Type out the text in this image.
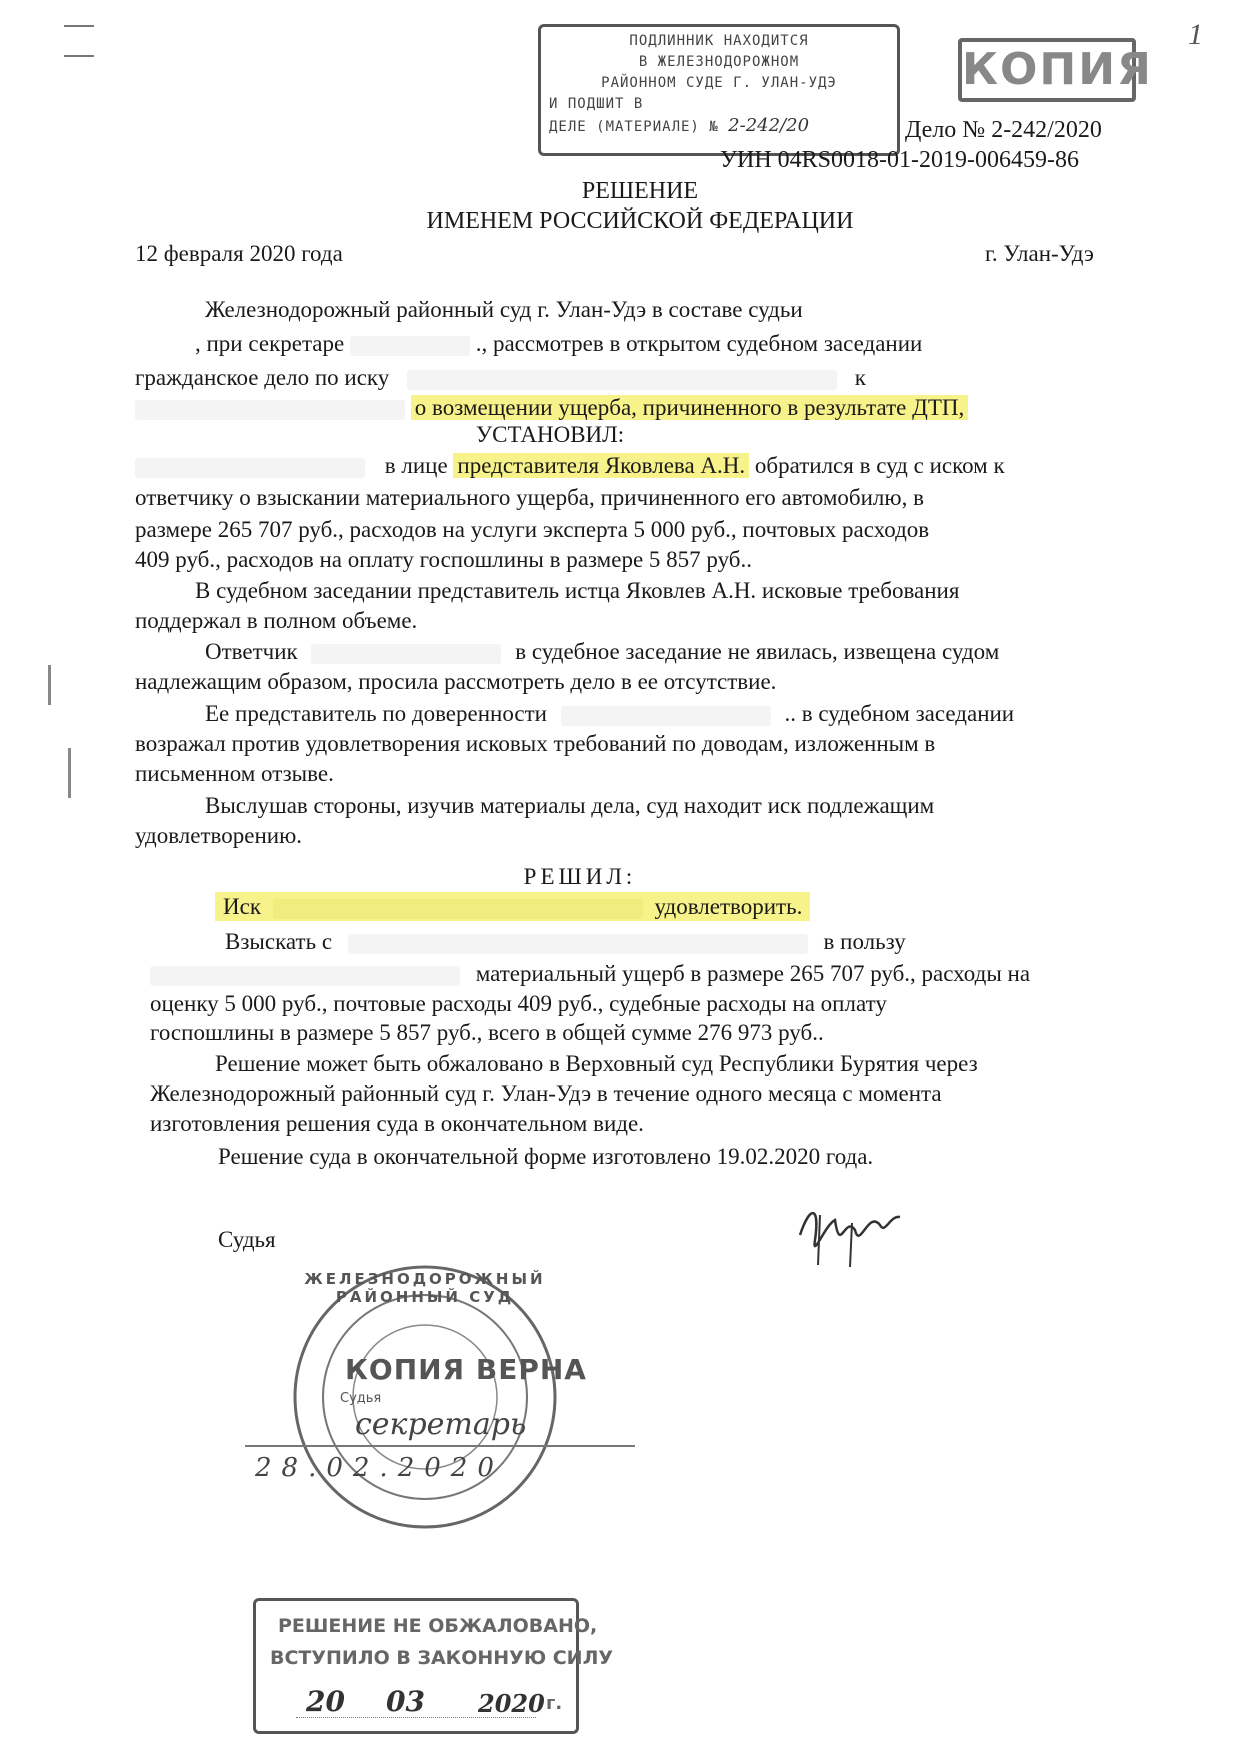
1
ПОДЛИННИК НАХОДИТСЯ
В ЖЕЛЕЗНОДОРОЖНОМ
РАЙОННОМ СУДЕ Г. УЛАН-УДЭ
И ПОДШИТ В
ДЕЛЕ (МАТЕРИАЛЕ) № 2-242/20
КОПИЯ
Дело № 2-242/2020
УИН 04RS0018-01-2019-006459-86
РЕШЕНИЕ
ИМЕНЕМ РОССИЙСКОЙ ФЕДЕРАЦИИ
12 февраля 2020 года	г. Улан-Удэ
Железнодорожный районный суд г. Улан-Удэ в составе судьи
, при секретаре	., рассмотрев в открытом судебном заседании
гражданское дело по иску	к
о возмещении ущерба, причиненного в результате ДТП,
УСТАНОВИЛ:
в лице представителя Яковлева А.Н. обратился в суд с иском к
ответчику о взыскании материального ущерба, причиненного его автомобилю, в
размере 265 707 руб., расходов на услуги эксперта 5 000 руб., почтовых расходов
409 руб., расходов на оплату госпошлины в размере 5 857 руб..
В судебном заседании представитель истца Яковлев А.Н. исковые требования
поддержал в полном объеме.
Ответчик	в судебное заседание не явилась, извещена судом
надлежащим образом, просила рассмотреть дело в ее отсутствие.
Ее представитель по доверенности	.. в судебном заседании
возражал против удовлетворения исковых требований по доводам, изложенным в
письменном отзыве.
Выслушав стороны, изучив материалы дела, суд находит иск подлежащим
удовлетворению.
РЕШИЛ:
Иск	удовлетворить.
Взыскать с	в пользу
материальный ущерб в размере 265 707 руб., расходы на
оценку 5 000 руб., почтовые расходы 409 руб., судебные расходы на оплату
госпошлины в размере 5 857 руб., всего в общей сумме 276 973 руб..
Решение может быть обжаловано в Верховный суд Республики Бурятия через
Железнодорожный районный суд г. Улан-Удэ в течение одного месяца с момента
изготовления решения суда в окончательном виде.
Решение суда в окончательной форме изготовлено 19.02.2020 года.
Судья
ЖЕЛЕЗНОДОРОЖНЫЙ РАЙОННЫЙ СУД
КОПИЯ ВЕРНА
Судья
секретарь
28.02.2020
РЕШЕНИЕ НЕ ОБЖАЛОВАНО,
ВСТУПИЛО В ЗАКОННУЮ СИЛУ
20 03 2020 г.
